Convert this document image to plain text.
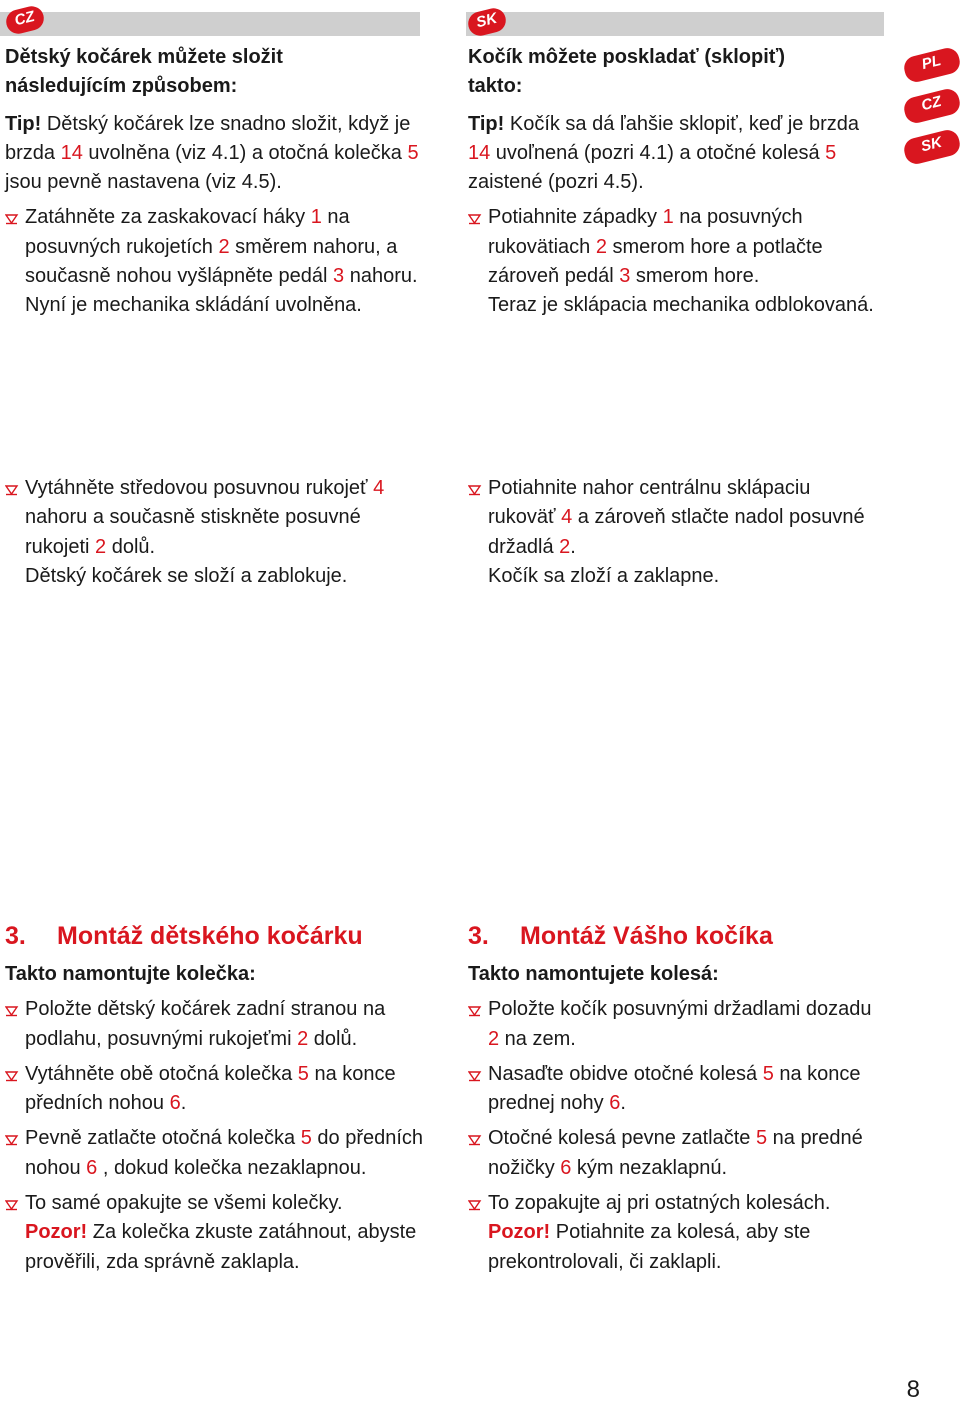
CZ	SK
PL
CZ
SK
Dětský kočárek můžete složit
následujícím způsobem:
Tip! Dětský kočárek lze snadno složit, když je brzda 14 uvolněna (viz 4.1) a otočná kolečka 5 jsou pevně nastavena (viz 4.5).
Zatáhněte za zaskakovací háky 1 na posuvných rukojetích 2 směrem nahoru, a současně nohou vyšlápněte pedál 3 nahoru.
Nyní je mechanika skládání uvolněna.
Kočík môžete poskladať (sklopiť)
takto:
Tip! Kočík sa dá ľahšie sklopiť, keď je brzda 14 uvoľnená (pozri 4.1) a otočné kolesá 5 zaistené (pozri 4.5).
Potiahnite západky 1 na posuvných rukovätiach 2 smerom hore a potlačte zároveň pedál 3 smerom hore.
Teraz je sklápacia mechanika odblokovaná.
Vytáhněte středovou posuvnou rukojeť 4 nahoru a současně stiskněte posuvné rukojeti 2 dolů.
Dětský kočárek se složí a zablokuje.
Potiahnite nahor centrálnu sklápaciu rukoväť 4 a zároveň stlačte nadol posuvné držadlá 2.
Kočík sa zloží a zaklapne.
3. Montáž dětského kočárku
Takto namontujte kolečka:
Položte dětský kočárek zadní stranou na podlahu, posuvnými rukojeťmi 2 dolů.
Vytáhněte obě otočná kolečka 5 na konce předních nohou 6.
Pevně zatlačte otočná kolečka 5 do předních nohou 6 , dokud kolečka nezaklapnou.
To samé opakujte se všemi kolečky.
Pozor! Za kolečka zkuste zatáhnout, abyste prověřili, zda správně zaklapla.
3. Montáž Vášho kočíka
Takto namontujete kolesá:
Položte kočík posuvnými držadlami dozadu 2 na zem.
Nasaďte obidve otočné kolesá 5 na konce prednej nohy 6.
Otočné kolesá pevne zatlačte 5 na predné nožičky 6 kým nezaklapnú.
To zopakujte aj pri ostatných kolesách.
Pozor! Potiahnite za kolesá, aby ste prekontrolovali, či zaklapli.
8
